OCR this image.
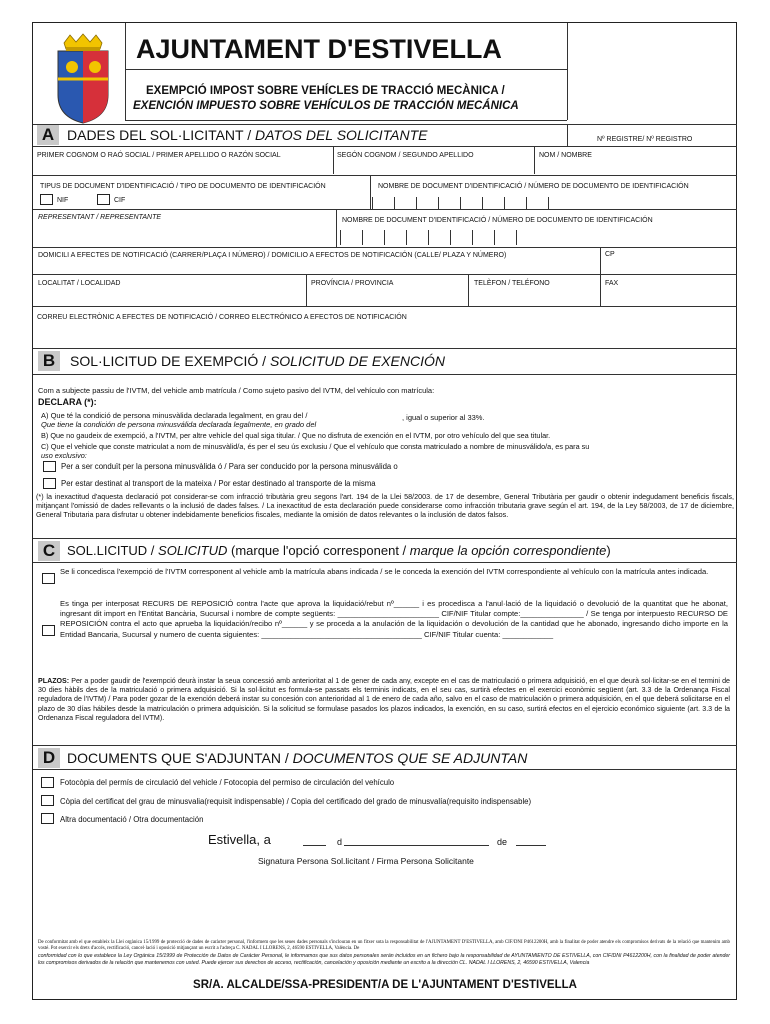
AJUNTAMENT D'ESTIVELLA
EXEMPCIÓ IMPOST SOBRE VEHÍCLES DE TRACCIÓ MECÀNICA /
EXENCIÓN IMPUESTO SOBRE VEHÍCULOS DE TRACCIÓN MECÁNICA
A DADES DEL SOL·LICITANT / DATOS DEL SOLICITANTE	Nº REGISTRE/ Nº REGISTRO
PRIMER COGNOM O RAÓ SOCIAL / PRIMER APELLIDO O RAZÓN SOCIAL	SEGÓN COGNOM / SEGUNDO APELLIDO	NOM / NOMBRE
TIPUS DE DOCUMENT D'IDENTIFICACIÓ / TIPO DE DOCUMENTO DE IDENTIFICACIÓN
NIF	CIF
NOMBRE DE DOCUMENT D'IDENTIFICACIÓ / NÚMERO DE DOCUMENTO DE IDENTIFICACIÓN
REPRESENTANT / REPRESENTANTE	NOMBRE DE DOCUMENT D'IDENTIFICACIÓ / NÚMERO DE DOCUMENTO DE IDENTIFICACIÓN
DOMICILI A EFECTES DE NOTIFICACIÓ (CARRER/PLAÇA I NÚMERO) / DOMICILIO A EFECTOS DE NOTIFICACIÓN (CALLE/ PLAZA Y NÚMERO)	CP
LOCALITAT / LOCALIDAD	PROVÍNCIA / PROVINCIA	TELÈFON / TELÉFONO	FAX
CORREU ELECTRÒNIC A EFECTES DE NOTIFICACIÓ / CORREO ELECTRÓNICO A EFECTOS DE NOTIFICACIÓN
B	SOL·LICITUD DE EXEMPCIÓ / SOLICITUD DE EXENCIÓN
Com a subjecte passiu de l'IVTM, del vehicle amb matrícula / Como sujeto pasivo del IVTM, del vehículo con matrícula:
DECLARA (*):
A) Que té la condició de persona minusvàlida declarada legalment, en grau del /	, igual o superior al 33%.
Que tiene la condición de persona minusválida declarada legalmente, en grado del
B) Que no gaudeix de exempció, a l'IVTM, per altre vehicle del qual siga titular. / Que no disfruta de exención en el IVTM, por otro vehículo del que sea titular.
C) Que el vehicle que conste matriculat a nom de minusvàlid/a, és per el seu ús exclusiu / Que el vehículo que consta matriculado a nombre de minusválido/a, es para su
uso exclusivo:
Per a ser conduït per la persona minusvàlida ó / Para ser conducido por la persona minusválida o
Per estar destinat al transport de la mateixa / Por estar destinado al transporte de la misma
(*) la inexactitud d'aquesta declaració pot considerar-se com infracció tributària greu segons l'art. 194 de la Llei 58/2003. de 17 de desembre, General Tributària per gaudir o obtenir indegudament beneficis fiscals, mitjançant l'omissió de dades rellevants o la inclusió de dades falses. / La inexactitud de esta declaración puede considerarse como infracción tributaria grave según el art. 194, de la Ley 58/2003, de 17 de diciembre, General Tributaria para disfrutar u obtener indebidamente beneficios fiscales, mediante la omisión de datos relevantes o la inclusión de datos falsos.
C SOL.LICITUD / SOLICITUD (marque l'opció corresponent / marque la opción correspondiente)
Se li concedisca l'exempció de l'IVTM corresponent al vehicle amb la matrícula abans indicada / se le conceda la exención del IVTM correspondiente al vehículo con la matrícula antes indicada.
Es tinga per interposat RECURS DE REPOSICIÓ contra l'acte que aprova la liquidació/rebut nº______ i es procedisca a l'anul·lació de la liquidació o devolució de la quantitat que he abonat, ingresant dit import en l'Entitat Bancària, Sucursal i nombre de compte següents: ________________________ CIF/NIF Titular compte:_______________ / Se tenga por interpuesto RECURSO DE REPOSICIÓN contra el acto que aprueba la liquidación/recibo nº______ y se proceda a la anulación de la liquidación o devolución de la cantidad que he abonado, ingresando dicho importe en la Entidad Bancaria, Sucursal y numero de cuenta siguientes: ______________________________________ CIF/NIF Titular cuenta: ____________
PLAZOS: Per a poder gaudir de l'exempció deurà instar la seua concessió amb anterioritat al 1 de gener de cada any, excepte en el cas de matriculació o primera adquisició, en el que deurà sol·licitar-se en el termini de 30 dies hàbils des de la matriculació o primera adquisició. Si la sol·licitut es formula-se passats els terminis indicats, en el seu cas, surtirà efectes en el exercici econòmic següent (art. 3.3 de la Ordenança Fiscal reguladora de l'IVTM) / Para poder gozar de la exención deberá instar su concesión con anterioridad al 1 de enero de cada año, salvo en el caso de matriculación o primera adquisición, en el que deberá solicitarse en el plazo de 30 días hábiles desde la matriculación o primera adquisición. Si la solicitud se formulase pasados los plazos indicados, la exención, en su caso, surtirá efectos en el ejercicio económico siguiente (art. 3.3 de la Ordenanza Fiscal reguladora del IVTM).
D DOCUMENTS QUE S'ADJUNTAN / DOCUMENTOS QUE SE ADJUNTAN
Fotocòpia del permís de circulació del vehicle / Fotocopia del permiso de circulación del vehículo
Còpia del certificat del grau de minusvalia(requisit indispensable) / Copia del certificado del grado de minusvalía(requisito indispensable)
Altra documentació / Otra documentación
Estivella, a	d	de
Signatura Persona Sol.licitant / Firma Persona Solicitante
De conformitat amb el que estableix la Llei orgànica 15/1999 de protecció de dades de caràcter personal, l'informem que les seues dades personals s'inclouran en un fitxer sota la responsabilitat de l'AJUNTAMENT D'ESTIVELLA, amb CIF/DNI P4612200H, amb la finalitat de poder atendre els compromisos derivats de la relació que mantenim amb vosté. Pot exercir els drets d'accés, rectificació, cancel·lació i oposició mitjançant un escrit a l'adreça C. NADAL I LLORENS, 2, 46590 ESTIVELLA, València. De
conformidad con lo que establece la Ley Orgánica 15/1999 de Protección de Datos de Carácter Personal, le informamos que sus datos personales serán incluidos en un fichero bajo la responsabilidad de AYUNTAMIENTO DE ESTIVELLA, con CIF/DNI P4612200H, con la finalidad de poder atender los compromisos derivados de la relación que mantenemos con usted. Puede ejercer sus derechos de acceso, rectificación, cancelación y oposición mediante un escrito a la dirección CL. NADAL I LLORENS, 2, 46590 ESTIVELLA, Valencia
SR/A. ALCALDE/SSA-PRESIDENT/A DE L'AJUNTAMENT D'ESTIVELLA
